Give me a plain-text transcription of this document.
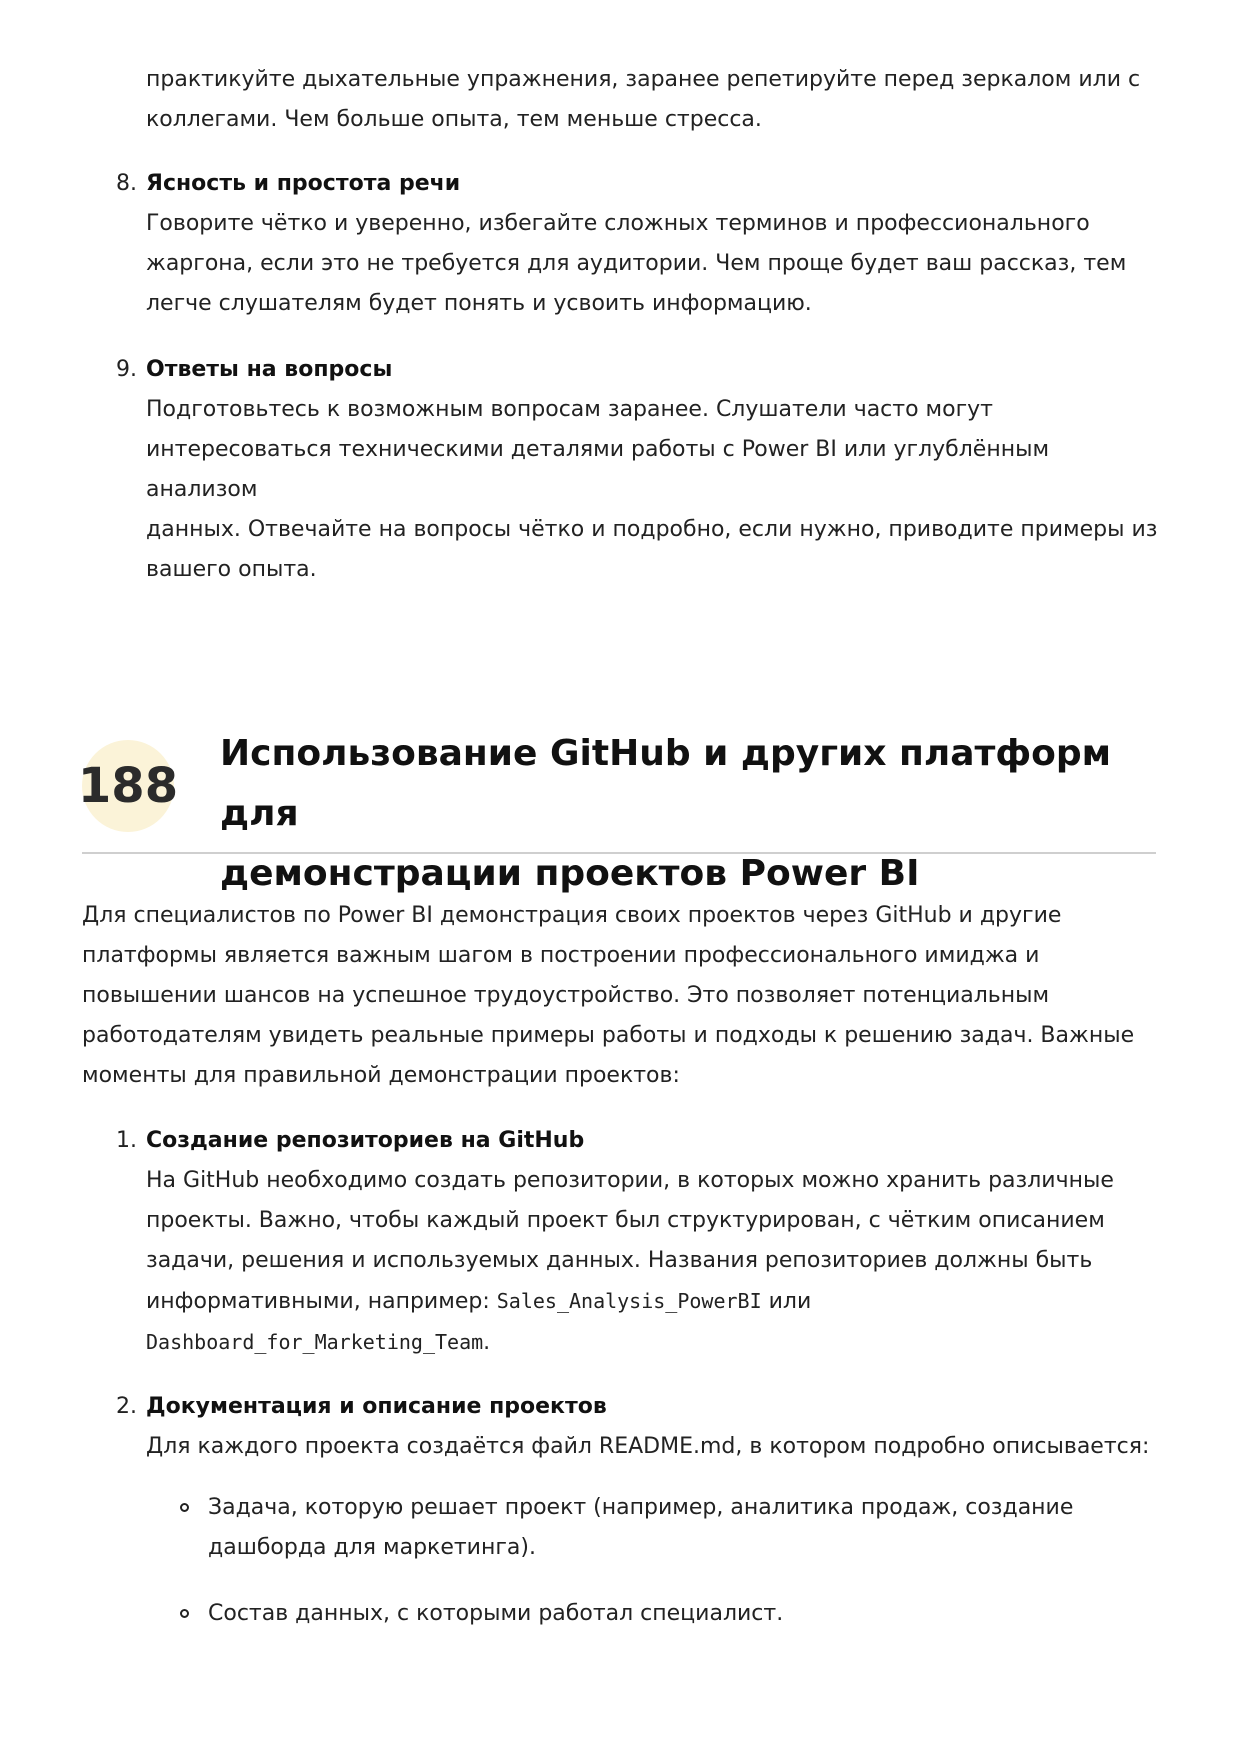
практикуйте дыхательные упражнения, заранее репетируйте перед зеркалом или с
коллегами. Чем больше опыта, тем меньше стресса.
8. Ясность и простота речи
Говорите чётко и уверенно, избегайте сложных терминов и профессионального
жаргона, если это не требуется для аудитории. Чем проще будет ваш рассказ, тем
легче слушателям будет понять и усвоить информацию.
9. Ответы на вопросы
Подготовьтесь к возможным вопросам заранее. Слушатели часто могут
интересоваться техническими деталями работы с Power BI или углублённым анализом
данных. Отвечайте на вопросы чётко и подробно, если нужно, приводите примеры из
вашего опыта.
188
Использование GitHub и других платформ для
демонстрации проектов Power BI
Для специалистов по Power BI демонстрация своих проектов через GitHub и другие
платформы является важным шагом в построении профессионального имиджа и
повышении шансов на успешное трудоустройство. Это позволяет потенциальным
работодателям увидеть реальные примеры работы и подходы к решению задач. Важные
моменты для правильной демонстрации проектов:
1. Создание репозиториев на GitHub
На GitHub необходимо создать репозитории, в которых можно хранить различные
проекты. Важно, чтобы каждый проект был структурирован, с чётким описанием
задачи, решения и используемых данных. Названия репозиториев должны быть
информативными, например: Sales_Analysis_PowerBI или
Dashboard_for_Marketing_Team.
2. Документация и описание проектов
Для каждого проекта создаётся файл README.md, в котором подробно описывается:
Задача, которую решает проект (например, аналитика продаж, создание
дашборда для маркетинга).
Состав данных, с которыми работал специалист.
